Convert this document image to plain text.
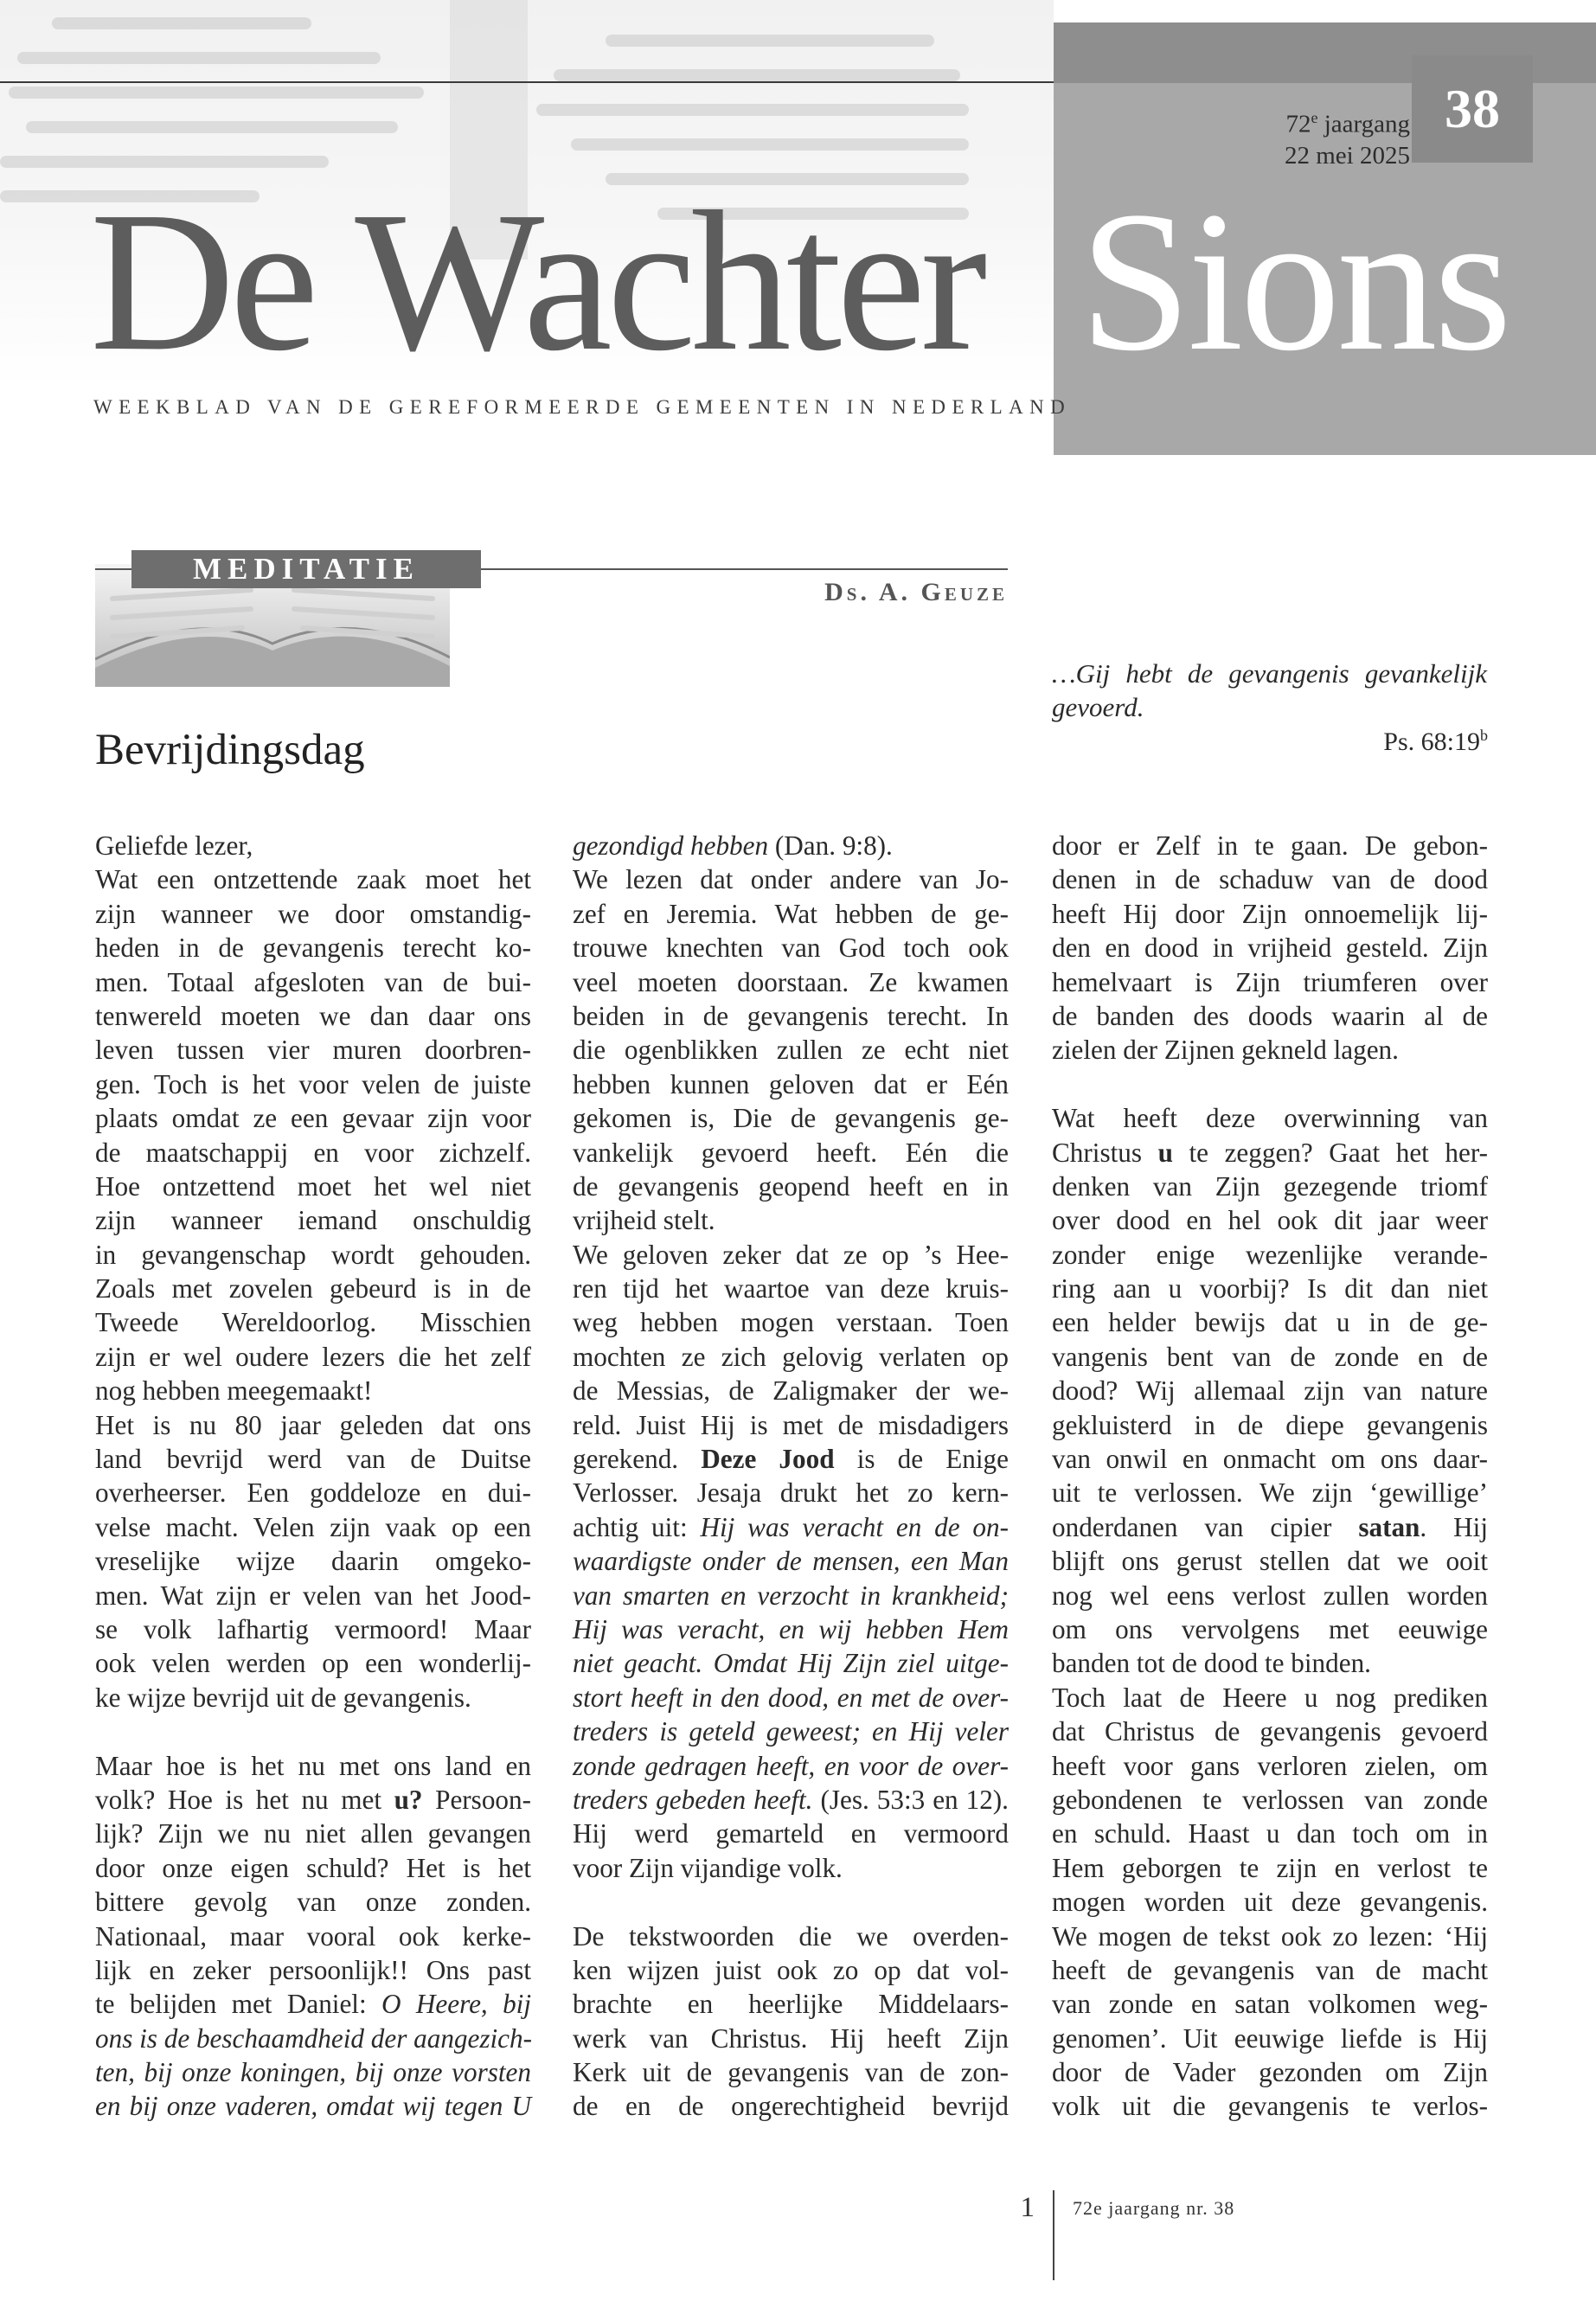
72e jaargang
22 mei 2025
38
De Wachter Sions
WEEKBLAD VAN DE GEREFORMEERDE GEMEENTEN IN NEDERLAND
MEDITATIE
Ds. A. Geuze
…Gij hebt de gevangenis gevankelijk
gevoerd.
Ps. 68:19$^b$
Bevrijdingsdag
Geliefde lezer,
Wat een ontzettende zaak moet het
zijn wanneer we door omstandig-
heden in de gevangenis terecht ko-
men. Totaal afgesloten van de bui-
tenwereld moeten we dan daar ons
leven tussen vier muren doorbren-
gen. Toch is het voor velen de juiste
plaats omdat ze een gevaar zijn voor
de maatschappij en voor zichzelf.
Hoe ontzettend moet het wel niet
zijn wanneer iemand onschuldig
in gevangenschap wordt gehouden.
Zoals met zovelen gebeurd is in de
Tweede Wereldoorlog. Misschien
zijn er wel oudere lezers die het zelf
nog hebben meegemaakt!
Het is nu 80 jaar geleden dat ons
land bevrijd werd van de Duitse
overheerser. Een goddeloze en dui-
velse macht. Velen zijn vaak op een
vreselijke wijze daarin omgeko-
men. Wat zijn er velen van het Jood-
se volk lafhartig vermoord! Maar
ook velen werden op een wonderlij-
ke wijze bevrijd uit de gevangenis.
Maar hoe is het nu met ons land en
volk? Hoe is het nu met u? Persoon-
lijk? Zijn we nu niet allen gevangen
door onze eigen schuld? Het is het
bittere gevolg van onze zonden.
Nationaal, maar vooral ook kerke-
lijk en zeker persoonlijk!! Ons past
te belijden met Daniel: O Heere, bij
ons is de beschaamdheid der aangezich-
ten, bij onze koningen, bij onze vorsten
en bij onze vaderen, omdat wij tegen U
gezondigd hebben (Dan. 9:8).
We lezen dat onder andere van Jo-
zef en Jeremia. Wat hebben de ge-
trouwe knechten van God toch ook
veel moeten doorstaan. Ze kwamen
beiden in de gevangenis terecht. In
die ogenblikken zullen ze echt niet
hebben kunnen geloven dat er Eén
gekomen is, Die de gevangenis ge-
vankelijk gevoerd heeft. Eén die
de gevangenis geopend heeft en in
vrijheid stelt.
We geloven zeker dat ze op ’s Hee-
ren tijd het waartoe van deze kruis-
weg hebben mogen verstaan. Toen
mochten ze zich gelovig verlaten op
de Messias, de Zaligmaker der we-
reld. Juist Hij is met de misdadigers
gerekend. Deze Jood is de Enige
Verlosser. Jesaja drukt het zo kern-
achtig uit: Hij was veracht en de on-
waardigste onder de mensen, een Man
van smarten en verzocht in krankheid;
Hij was veracht, en wij hebben Hem
niet geacht. Omdat Hij Zijn ziel uitge-
stort heeft in den dood, en met de over-
treders is geteld geweest; en Hij veler
zonde gedragen heeft, en voor de over-
treders gebeden heeft. (Jes. 53:3 en 12).
Hij werd gemarteld en vermoord
voor Zijn vijandige volk.
De tekstwoorden die we overden-
ken wijzen juist ook zo op dat vol-
brachte en heerlijke Middelaars-
werk van Christus. Hij heeft Zijn
Kerk uit de gevangenis van de zon-
de en de ongerechtigheid bevrijd
door er Zelf in te gaan. De gebon-
denen in de schaduw van de dood
heeft Hij door Zijn onnoemelijk lij-
den en dood in vrijheid gesteld. Zijn
hemelvaart is Zijn triumferen over
de banden des doods waarin al de
zielen der Zijnen gekneld lagen.
Wat heeft deze overwinning van
Christus u te zeggen? Gaat het her-
denken van Zijn gezegende triomf
over dood en hel ook dit jaar weer
zonder enige wezenlijke verande-
ring aan u voorbij? Is dit dan niet
een helder bewijs dat u in de ge-
vangenis bent van de zonde en de
dood? Wij allemaal zijn van nature
gekluisterd in de diepe gevangenis
van onwil en onmacht om ons daar-
uit te verlossen. We zijn ‘gewillige’
onderdanen van cipier satan. Hij
blijft ons gerust stellen dat we ooit
nog wel eens verlost zullen worden
om ons vervolgens met eeuwige
banden tot de dood te binden.
Toch laat de Heere u nog prediken
dat Christus de gevangenis gevoerd
heeft voor gans verloren zielen, om
gebondenen te verlossen van zonde
en schuld. Haast u dan toch om in
Hem geborgen te zijn en verlost te
mogen worden uit deze gevangenis.
We mogen de tekst ook zo lezen: ‘Hij
heeft de gevangenis van de macht
van zonde en satan volkomen weg-
genomen’. Uit eeuwige liefde is Hij
door de Vader gezonden om Zijn
volk uit die gevangenis te verlos-
1 72e jaargang nr. 38
